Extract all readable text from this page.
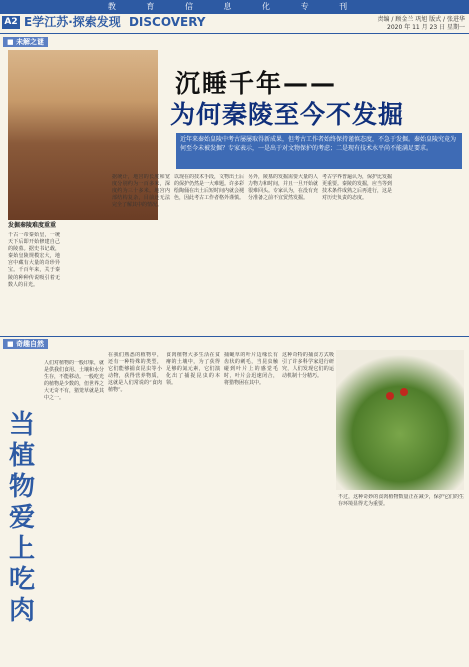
教 育 信 息 化 专 刊
A2 E学江苏·探索发现 DISCOVERY	责编 / 顾金兰 巩旭 版式 / 张进华
2020 年 11 月 23 日 星期一
■ 未解之谜
发掘秦陵难度重重
千古一帝秦始皇，一统天下后即开始修建自己的陵墓。据史书记载，秦始皇陵规模宏大，地宫中藏有大量的奇珍异宝。千百年来，关于秦陵的种种传说吸引着无数人的目光。
沉睡千年——
为何秦陵至今不发掘
近年来秦始皇陵中考古屡屡取得新成果，但考古工作者始终保持谨慎态度，不急于发掘。秦始皇陵究竟为何至今未被发掘？专家表示，一是出于对文物保护的考虑；二是现有技术水平尚不能满足要求。
据统计，地宫的长度和宽度分别约为一百多米，深度约为三十多米。地宫内部结构复杂，目前还无法完全了解其中的情况。
以现在的技术手段，文物出土后的保护仍然是一大难题。许多彩绘陶俑在出土后短时间内就会褪色，因此考古工作者格外谨慎。
另外，陵墓的发掘需要大量的人力物力和时间，并且一旦开始就很难回头。专家认为，在没有充分准备之前不宜贸然发掘。
考古学界普遍认为，保护比发掘更重要。秦陵的发掘，应当等到技术条件成熟之后再进行，这是对历史负责的态度。
■ 奇趣自然
当植物爱上吃肉
人们对植物的一般印象，就是供我们食用、土壤和水分生存，不能移动。一般吃光的植物是少数的，但世界之大无奇不有，猪笼草就是其中之一。
在我们熟悉的植物中，还有一种特殊的类型，它们能够捕食昆虫等小动物，获得营养物质，这就是人们常说的“食肉植物”。
食肉植物大多生活在贫瘠的土壤中，为了获得足够的氮元素，它们演化出了捕捉昆虫的本领。
捕蝇草的叶片边缘长有齿状的刺毛，当昆虫触碰到叶片上的感觉毛时，叶片会迅速闭合，将猎物困在其中。
这种奇特的捕食方式吸引了许多科学家进行研究，人们发现它们的运动机制十分精巧。
不过，这种奇妙的食肉植物数量正在减少，保护它们的生存环境显得尤为重要。
